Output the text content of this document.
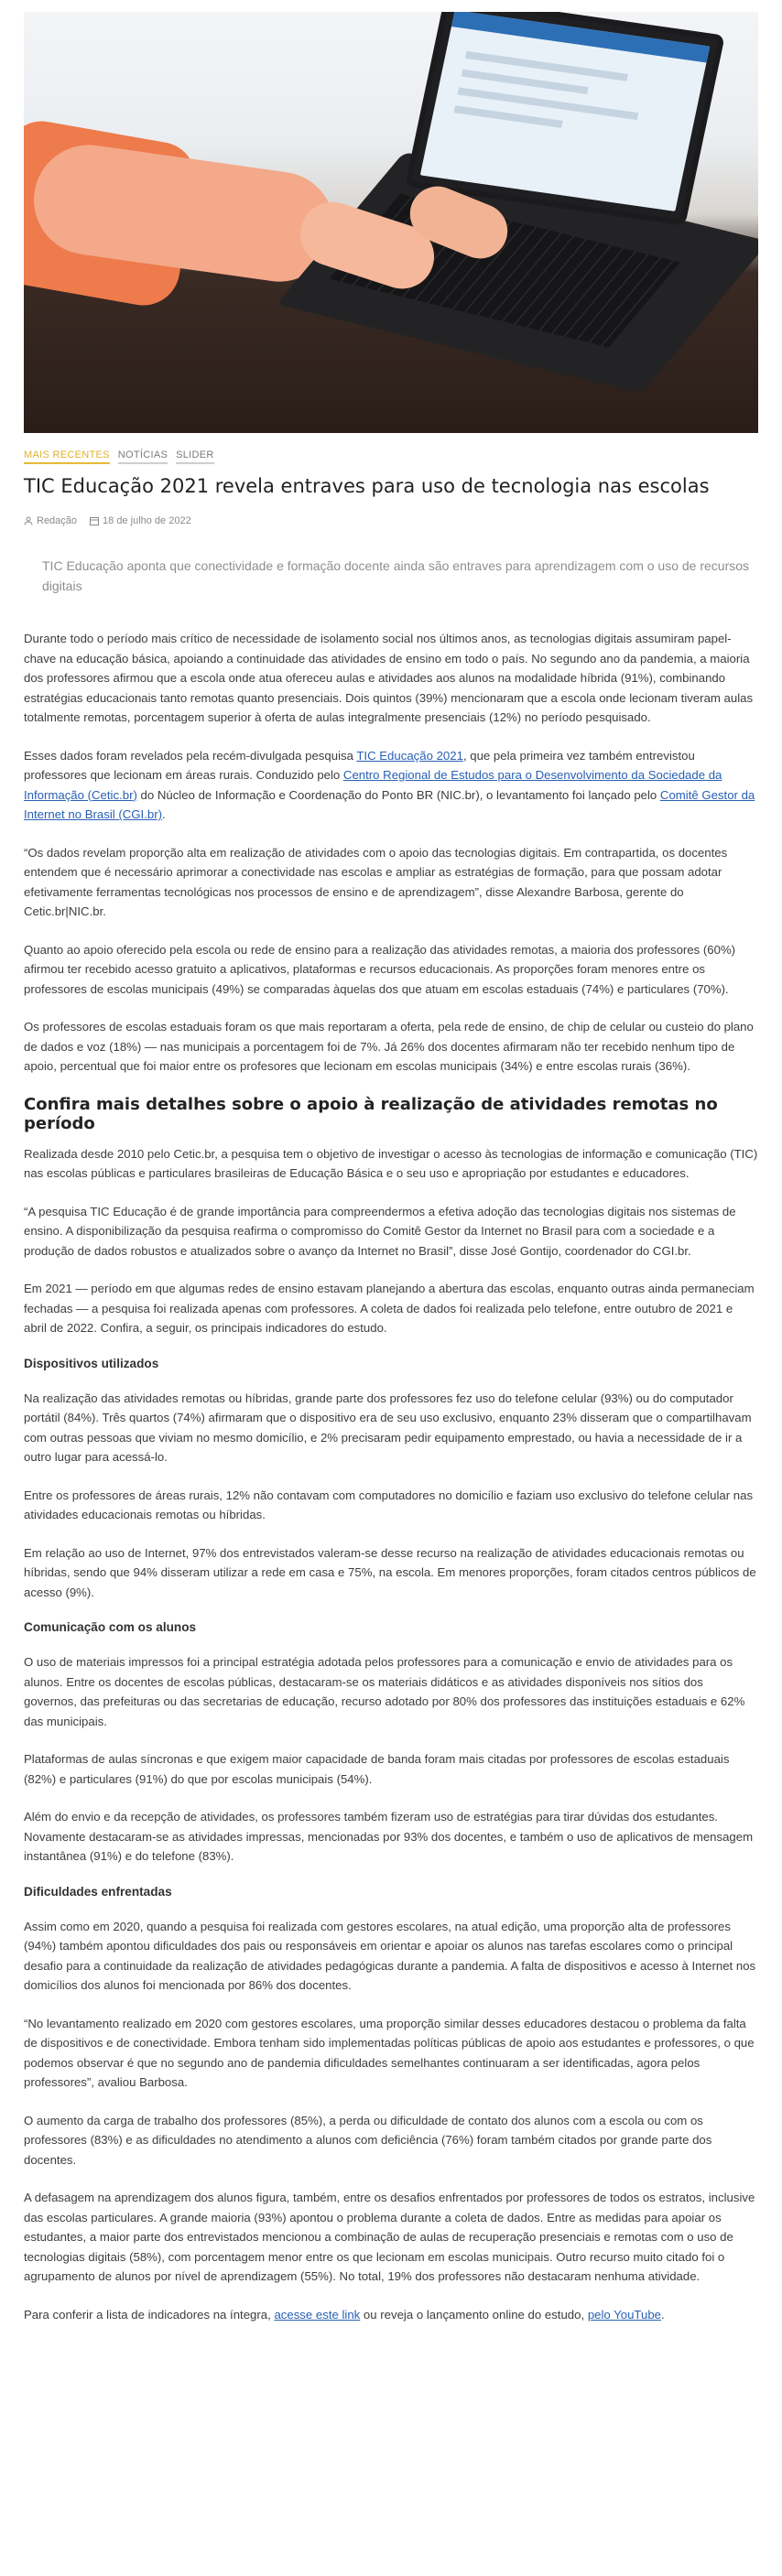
MAIS RECENTES NOTÍCIAS SLIDER
TIC Educação 2021 revela entraves para uso de tecnologia nas escolas
Redação	18 de julho de 2022

TIC Educação aponta que conectividade e formação docente ainda são entraves para aprendizagem com o uso de recursos digitais

Durante todo o período mais crítico de necessidade de isolamento social nos últimos anos, as tecnologias digitais assumiram papel-chave na educação básica, apoiando a continuidade das atividades de ensino em todo o país. No segundo ano da pandemia, a maioria dos professores afirmou que a escola onde atua ofereceu aulas e atividades aos alunos na modalidade híbrida (91%), combinando estratégias educacionais tanto remotas quanto presenciais. Dois quintos (39%) mencionaram que a escola onde lecionam tiveram aulas totalmente remotas, porcentagem superior à oferta de aulas integralmente presenciais (12%) no período pesquisado.

Esses dados foram revelados pela recém-divulgada pesquisa TIC Educação 2021, que pela primeira vez também entrevistou professores que lecionam em áreas rurais. Conduzido pelo Centro Regional de Estudos para o Desenvolvimento da Sociedade da Informação (Cetic.br) do Núcleo de Informação e Coordenação do Ponto BR (NIC.br), o levantamento foi lançado pelo Comitê Gestor da Internet no Brasil (CGI.br).

“Os dados revelam proporção alta em realização de atividades com o apoio das tecnologias digitais. Em contrapartida, os docentes entendem que é necessário aprimorar a conectividade nas escolas e ampliar as estratégias de formação, para que possam adotar efetivamente ferramentas tecnológicas nos processos de ensino e de aprendizagem”, disse Alexandre Barbosa, gerente do Cetic.br|NIC.br.

Quanto ao apoio oferecido pela escola ou rede de ensino para a realização das atividades remotas, a maioria dos professores (60%) afirmou ter recebido acesso gratuito a aplicativos, plataformas e recursos educacionais. As proporções foram menores entre os professores de escolas municipais (49%) se comparadas àquelas dos que atuam em escolas estaduais (74%) e particulares (70%).

Os professores de escolas estaduais foram os que mais reportaram a oferta, pela rede de ensino, de chip de celular ou custeio do plano de dados e voz (18%) — nas municipais a porcentagem foi de 7%. Já 26% dos docentes afirmaram não ter recebido nenhum tipo de apoio, percentual que foi maior entre os profesores que lecionam em escolas municipais (34%) e entre escolas rurais (36%).

Confira mais detalhes sobre o apoio à realização de atividades remotas no período

Realizada desde 2010 pelo Cetic.br, a pesquisa tem o objetivo de investigar o acesso às tecnologias de informação e comunicação (TIC) nas escolas públicas e particulares brasileiras de Educação Básica e o seu uso e apropriação por estudantes e educadores.

“A pesquisa TIC Educação é de grande importância para compreendermos a efetiva adoção das tecnologias digitais nos sistemas de ensino. A disponibilização da pesquisa reafirma o compromisso do Comitê Gestor da Internet no Brasil para com a sociedade e a produção de dados robustos e atualizados sobre o avanço da Internet no Brasil”, disse José Gontijo, coordenador do CGI.br.

Em 2021 — período em que algumas redes de ensino estavam planejando a abertura das escolas, enquanto outras ainda permaneciam fechadas — a pesquisa foi realizada apenas com professores. A coleta de dados foi realizada pelo telefone, entre outubro de 2021 e abril de 2022. Confira, a seguir, os principais indicadores do estudo.

Dispositivos utilizados

Na realização das atividades remotas ou híbridas, grande parte dos professores fez uso do telefone celular (93%) ou do computador portátil (84%). Três quartos (74%) afirmaram que o dispositivo era de seu uso exclusivo, enquanto 23% disseram que o compartilhavam com outras pessoas que viviam no mesmo domicílio, e 2% precisaram pedir equipamento emprestado, ou havia a necessidade de ir a outro lugar para acessá-lo.

Entre os professores de áreas rurais, 12% não contavam com computadores no domicílio e faziam uso exclusivo do telefone celular nas atividades educacionais remotas ou híbridas.

Em relação ao uso de Internet, 97% dos entrevistados valeram-se desse recurso na realização de atividades educacionais remotas ou híbridas, sendo que 94% disseram utilizar a rede em casa e 75%, na escola. Em menores proporções, foram citados centros públicos de acesso (9%).

Comunicação com os alunos

O uso de materiais impressos foi a principal estratégia adotada pelos professores para a comunicação e envio de atividades para os alunos. Entre os docentes de escolas públicas, destacaram-se os materiais didáticos e as atividades disponíveis nos sítios dos governos, das prefeituras ou das secretarias de educação, recurso adotado por 80% dos professores das instituições estaduais e 62% das municipais.

Plataformas de aulas síncronas e que exigem maior capacidade de banda foram mais citadas por professores de escolas estaduais (82%) e particulares (91%) do que por escolas municipais (54%).

Além do envio e da recepção de atividades, os professores também fizeram uso de estratégias para tirar dúvidas dos estudantes. Novamente destacaram-se as atividades impressas, mencionadas por 93% dos docentes, e também o uso de aplicativos de mensagem instantânea (91%) e do telefone (83%).

Dificuldades enfrentadas

Assim como em 2020, quando a pesquisa foi realizada com gestores escolares, na atual edição, uma proporção alta de professores (94%) também apontou dificuldades dos pais ou responsáveis em orientar e apoiar os alunos nas tarefas escolares como o principal desafio para a continuidade da realização de atividades pedagógicas durante a pandemia. A falta de dispositivos e acesso à Internet nos domicílios dos alunos foi mencionada por 86% dos docentes.

“No levantamento realizado em 2020 com gestores escolares, uma proporção similar desses educadores destacou o problema da falta de dispositivos e de conectividade. Embora tenham sido implementadas políticas públicas de apoio aos estudantes e professores, o que podemos observar é que no segundo ano de pandemia dificuldades semelhantes continuaram a ser identificadas, agora pelos professores”, avaliou Barbosa.

O aumento da carga de trabalho dos professores (85%), a perda ou dificuldade de contato dos alunos com a escola ou com os professores (83%) e as dificuldades no atendimento a alunos com deficiência (76%) foram também citados por grande parte dos docentes.

A defasagem na aprendizagem dos alunos figura, também, entre os desafios enfrentados por professores de todos os estratos, inclusive das escolas particulares. A grande maioria (93%) apontou o problema durante a coleta de dados. Entre as medidas para apoiar os estudantes, a maior parte dos entrevistados mencionou a combinação de aulas de recuperação presenciais e remotas com o uso de tecnologias digitais (58%), com porcentagem menor entre os que lecionam em escolas municipais. Outro recurso muito citado foi o agrupamento de alunos por nível de aprendizagem (55%). No total, 19% dos professores não destacaram nenhuma atividade.

Para conferir a lista de indicadores na íntegra, acesse este link ou reveja o lançamento online do estudo, pelo YouTube.
